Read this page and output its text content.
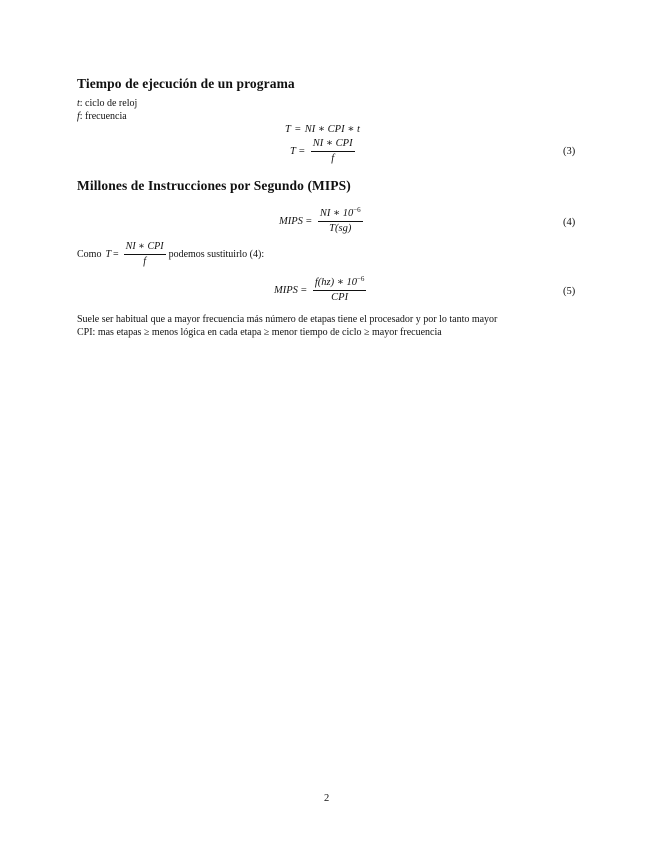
Tiempo de ejecución de un programa

t: ciclo de reloj

f: frecuencia

T = NI ∗ CPI ∗ t
$T = \frac{\text{NI ∗ CPI}}{f}$	(3)
Millones de Instrucciones por Segundo (MIPS)
MIPS = $\frac{NI ∗ 10^{-6}}{T(sg)}$	(4)
Como $T = \frac{\text{NI ∗ CPI}}{f}$ podemos sustituirlo (4):
MIPS = $\frac{f(hz) ∗ 10^{-6}}{\text{CPI}}$	(5)

Suele ser habitual que a mayor frecuencia más número de etapas tiene el procesador y por lo tanto mayor

CPI: mas etapas ≥ menos lógica en cada etapa ≥ menor tiempo de ciclo ≥ mayor frecuencia

2
